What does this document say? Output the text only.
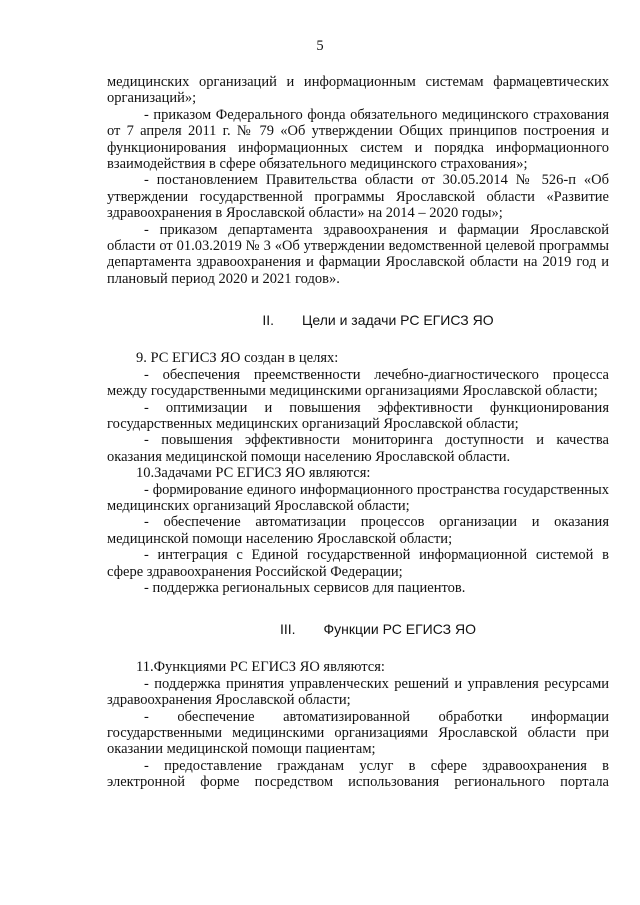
5

медицинских организаций и информационным системам фармацевтических организаций»;

- приказом Федерального фонда обязательного медицинского страхования от 7 апреля 2011 г. № 79 «Об утверждении Общих принципов построения и функционирования информационных систем и порядка информационного взаимодействия в сфере обязательного медицинского страхования»;

- постановлением Правительства области от 30.05.2014 № 526-п «Об утверждении государственной программы Ярославской области «Развитие здравоохранения в Ярославской области» на 2014 – 2020 годы»;

- приказом департамента здравоохранения и фармации Ярославской области от 01.03.2019 № 3 «Об утверждении ведомственной целевой программы департамента здравоохранения и фармации Ярославской области на 2019 год и плановый период 2020 и 2021 годов».

II. Цели и задачи РС ЕГИСЗ ЯО

9. РС ЕГИСЗ ЯО создан в целях:

- обеспечения преемственности лечебно-диагностического процесса между государственными медицинскими организациями Ярославской области;

- оптимизации и повышения эффективности функционирования государственных медицинских организаций Ярославской области;

- повышения эффективности мониторинга доступности и качества оказания медицинской помощи населению Ярославской области.

10.Задачами РС ЕГИСЗ ЯО являются:

- формирование единого информационного пространства государственных медицинских организаций Ярославской области;

- обеспечение автоматизации процессов организации и оказания медицинской помощи населению Ярославской области;

- интеграция с Единой государственной информационной системой в сфере здравоохранения Российской Федерации;

- поддержка региональных сервисов для пациентов.

III. Функции РС ЕГИСЗ ЯО

11.Функциями РС ЕГИСЗ ЯО являются:

- поддержка принятия управленческих решений и управления ресурсами здравоохранения Ярославской области;

- обеспечение автоматизированной обработки информации государственными медицинскими организациями Ярославской области при оказании медицинской помощи пациентам;

- предоставление гражданам услуг в сфере здравоохранения в электронной форме посредством использования регионального портала
